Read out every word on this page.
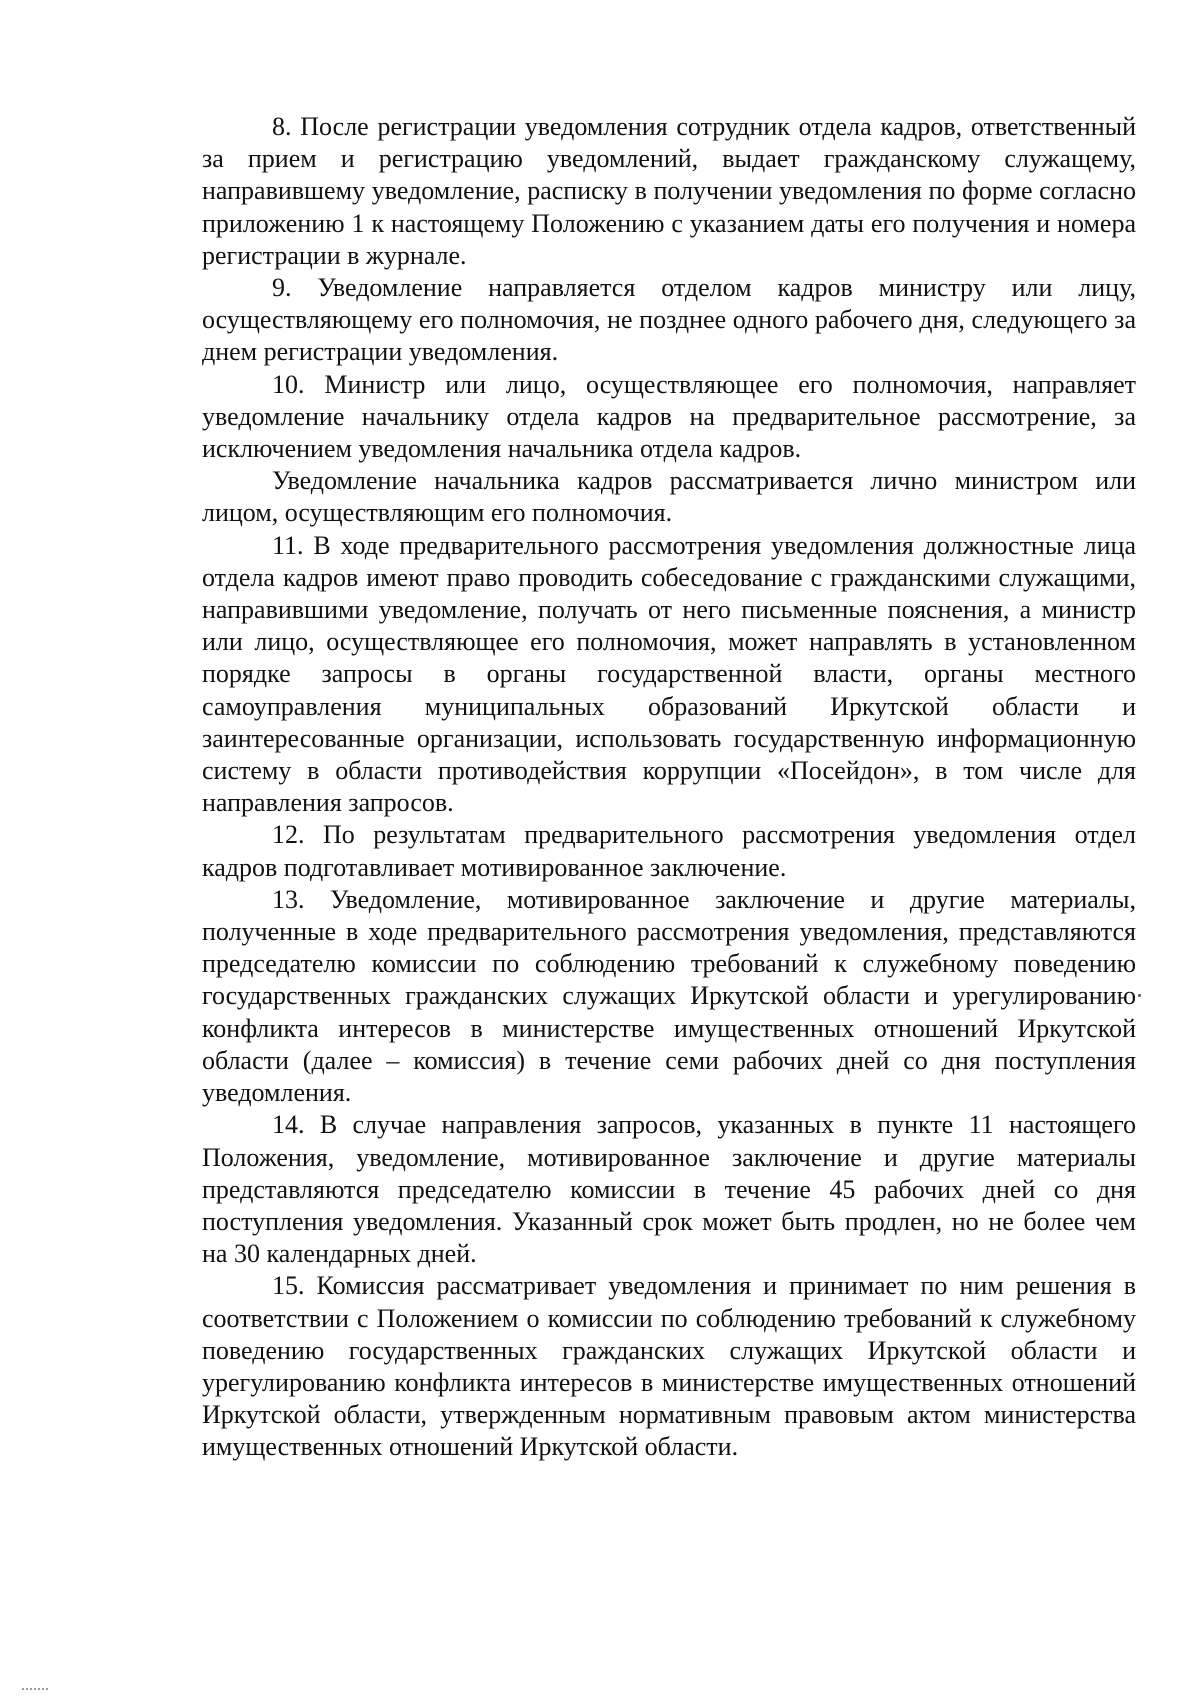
8. После регистрации уведомления сотрудник отдела кадров, ответственный за прием и регистрацию уведомлений, выдает гражданскому служащему, направившему уведомление, расписку в получении уведомления по форме согласно приложению 1 к настоящему Положению с указанием даты его получения и номера регистрации в журнале.

9. Уведомление направляется отделом кадров министру или лицу, осуществляющему его полномочия, не позднее одного рабочего дня, следующего за днем регистрации уведомления.

10. Министр или лицо, осуществляющее его полномочия, направляет уведомление начальнику отдела кадров на предварительное рассмотрение, за исключением уведомления начальника отдела кадров.

Уведомление начальника кадров рассматривается лично министром или лицом, осуществляющим его полномочия.

11. В ходе предварительного рассмотрения уведомления должностные лица отдела кадров имеют право проводить собеседование с гражданскими служащими, направившими уведомление, получать от него письменные пояснения, а министр или лицо, осуществляющее его полномочия, может направлять в установленном порядке запросы в органы государственной власти, органы местного самоуправления муниципальных образований Иркутской области и заинтересованные организации, использовать государственную информационную систему в области противодействия коррупции «Посейдон», в том числе для направления запросов.

12. По результатам предварительного рассмотрения уведомления отдел кадров подготавливает мотивированное заключение.

13. Уведомление, мотивированное заключение и другие материалы, полученные в ходе предварительного рассмотрения уведомления, представляются председателю комиссии по соблюдению требований к служебному поведению государственных гражданских служащих Иркутской области и урегулированию конфликта интересов в министерстве имущественных отношений Иркутской области (далее – комиссия) в течение семи рабочих дней со дня поступления уведомления.

14. В случае направления запросов, указанных в пункте 11 настоящего Положения, уведомление, мотивированное заключение и другие материалы представляются председателю комиссии в течение 45 рабочих дней со дня поступления уведомления. Указанный срок может быть продлен, но не более чем на 30 календарных дней.

15. Комиссия рассматривает уведомления и принимает по ним решения в соответствии с Положением о комиссии по соблюдению требований к служебному поведению государственных гражданских служащих Иркутской области и урегулированию конфликта интересов в министерстве имущественных отношений Иркутской области, утвержденным нормативным правовым актом министерства имущественных отношений Иркутской области.
